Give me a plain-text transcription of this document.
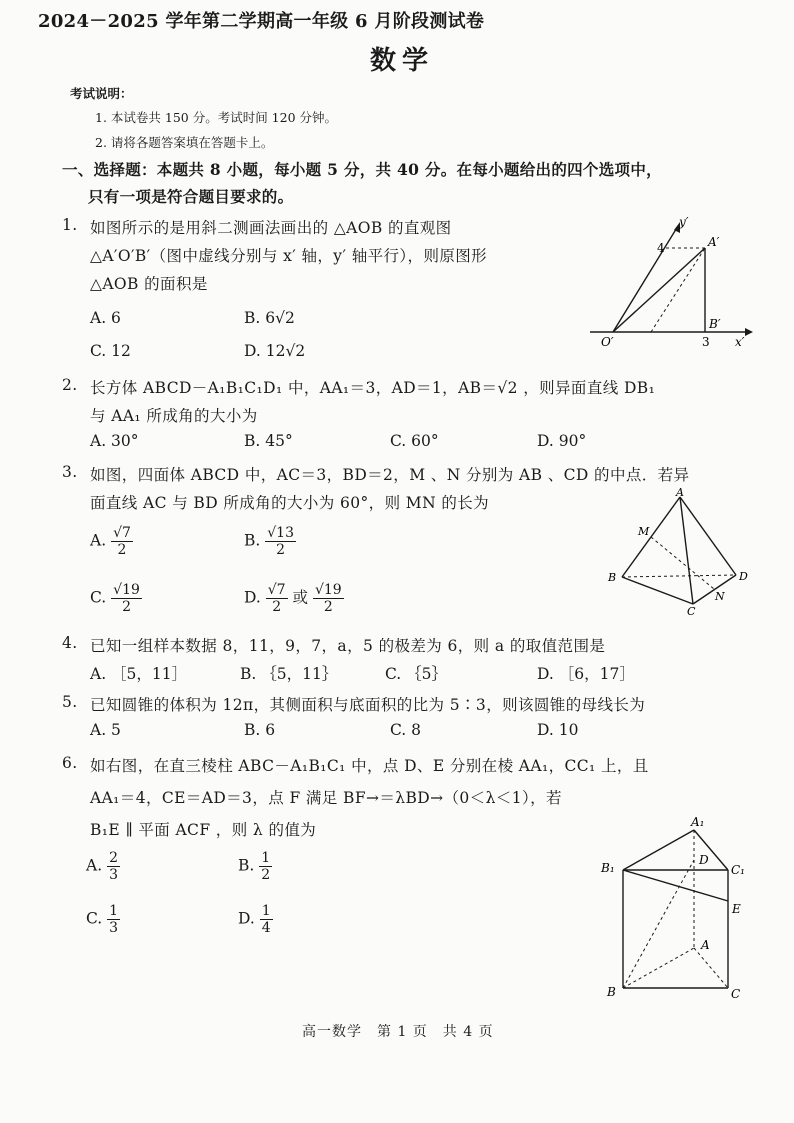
2024－2025 学年第二学期高一年级 6 月阶段测试卷
数学
考试说明：
1. 本试卷共 150 分。考试时间 120 分钟。
2. 请将各题答案填在答题卡上。
一、选择题：本题共 8 小题，每小题 5 分，共 40 分。在每小题给出的四个选项中，
只有一项是符合题目要求的。
1. 如图所示的是用斜二测画法画出的 △AOB 的直观图
△A′O′B′（图中虚线分别与 x′ 轴，y′ 轴平行），则原图形
△AOB 的面积是
A. 6	B. 6√2
C. 12	D. 12√2
y′
4	A′
B′
O′	3 x′
2. 长方体 ABCD－A₁B₁C₁D₁ 中，AA₁＝3，AD＝1，AB＝√2 ，则异面直线 DB₁
与 AA₁ 所成角的大小为
A. 30°	B. 45°	C. 60°	D. 90°
3. 如图，四面体 ABCD 中，AC＝3，BD＝2，M 、N 分别为 AB 、CD 的中点．若异
面直线 AC 与 BD 所成角的大小为 60°，则 MN 的长为
A. $\frac{√7}{2}$	B. $\frac{√13}{2}$
C. $\frac{√19}{2}$	D. $\frac{√7}{2}$ 或 $\frac{√19}{2}$
A
M
B	D
N
C
4. 已知一组样本数据 8，11，9，7，a，5 的极差为 6，则 a 的取值范围是
A. ［5，11］	B. ｛5，11｝	C. ｛5｝	D. ［6，17］
5. 已知圆锥的体积为 12π，其侧面积与底面积的比为 5∶3，则该圆锥的母线长为
A. 5	B. 6	C. 8	D. 10
6. 如右图，在直三棱柱 ABC－A₁B₁C₁ 中，点 D、E 分别在棱 AA₁，CC₁ 上，且
AA₁＝4，CE＝AD＝3，点 F 满足 BF→＝λBD→（0＜λ＜1），若
B₁E ∥ 平面 ACF ，则 λ 的值为
A. $\frac{2}{3}$	B. $\frac{1}{2}$
C. $\frac{1}{3}$	D. $\frac{1}{4}$
A₁
B₁
D
C₁
E
A
B	C
高一数学　第 1 页　共 4 页
